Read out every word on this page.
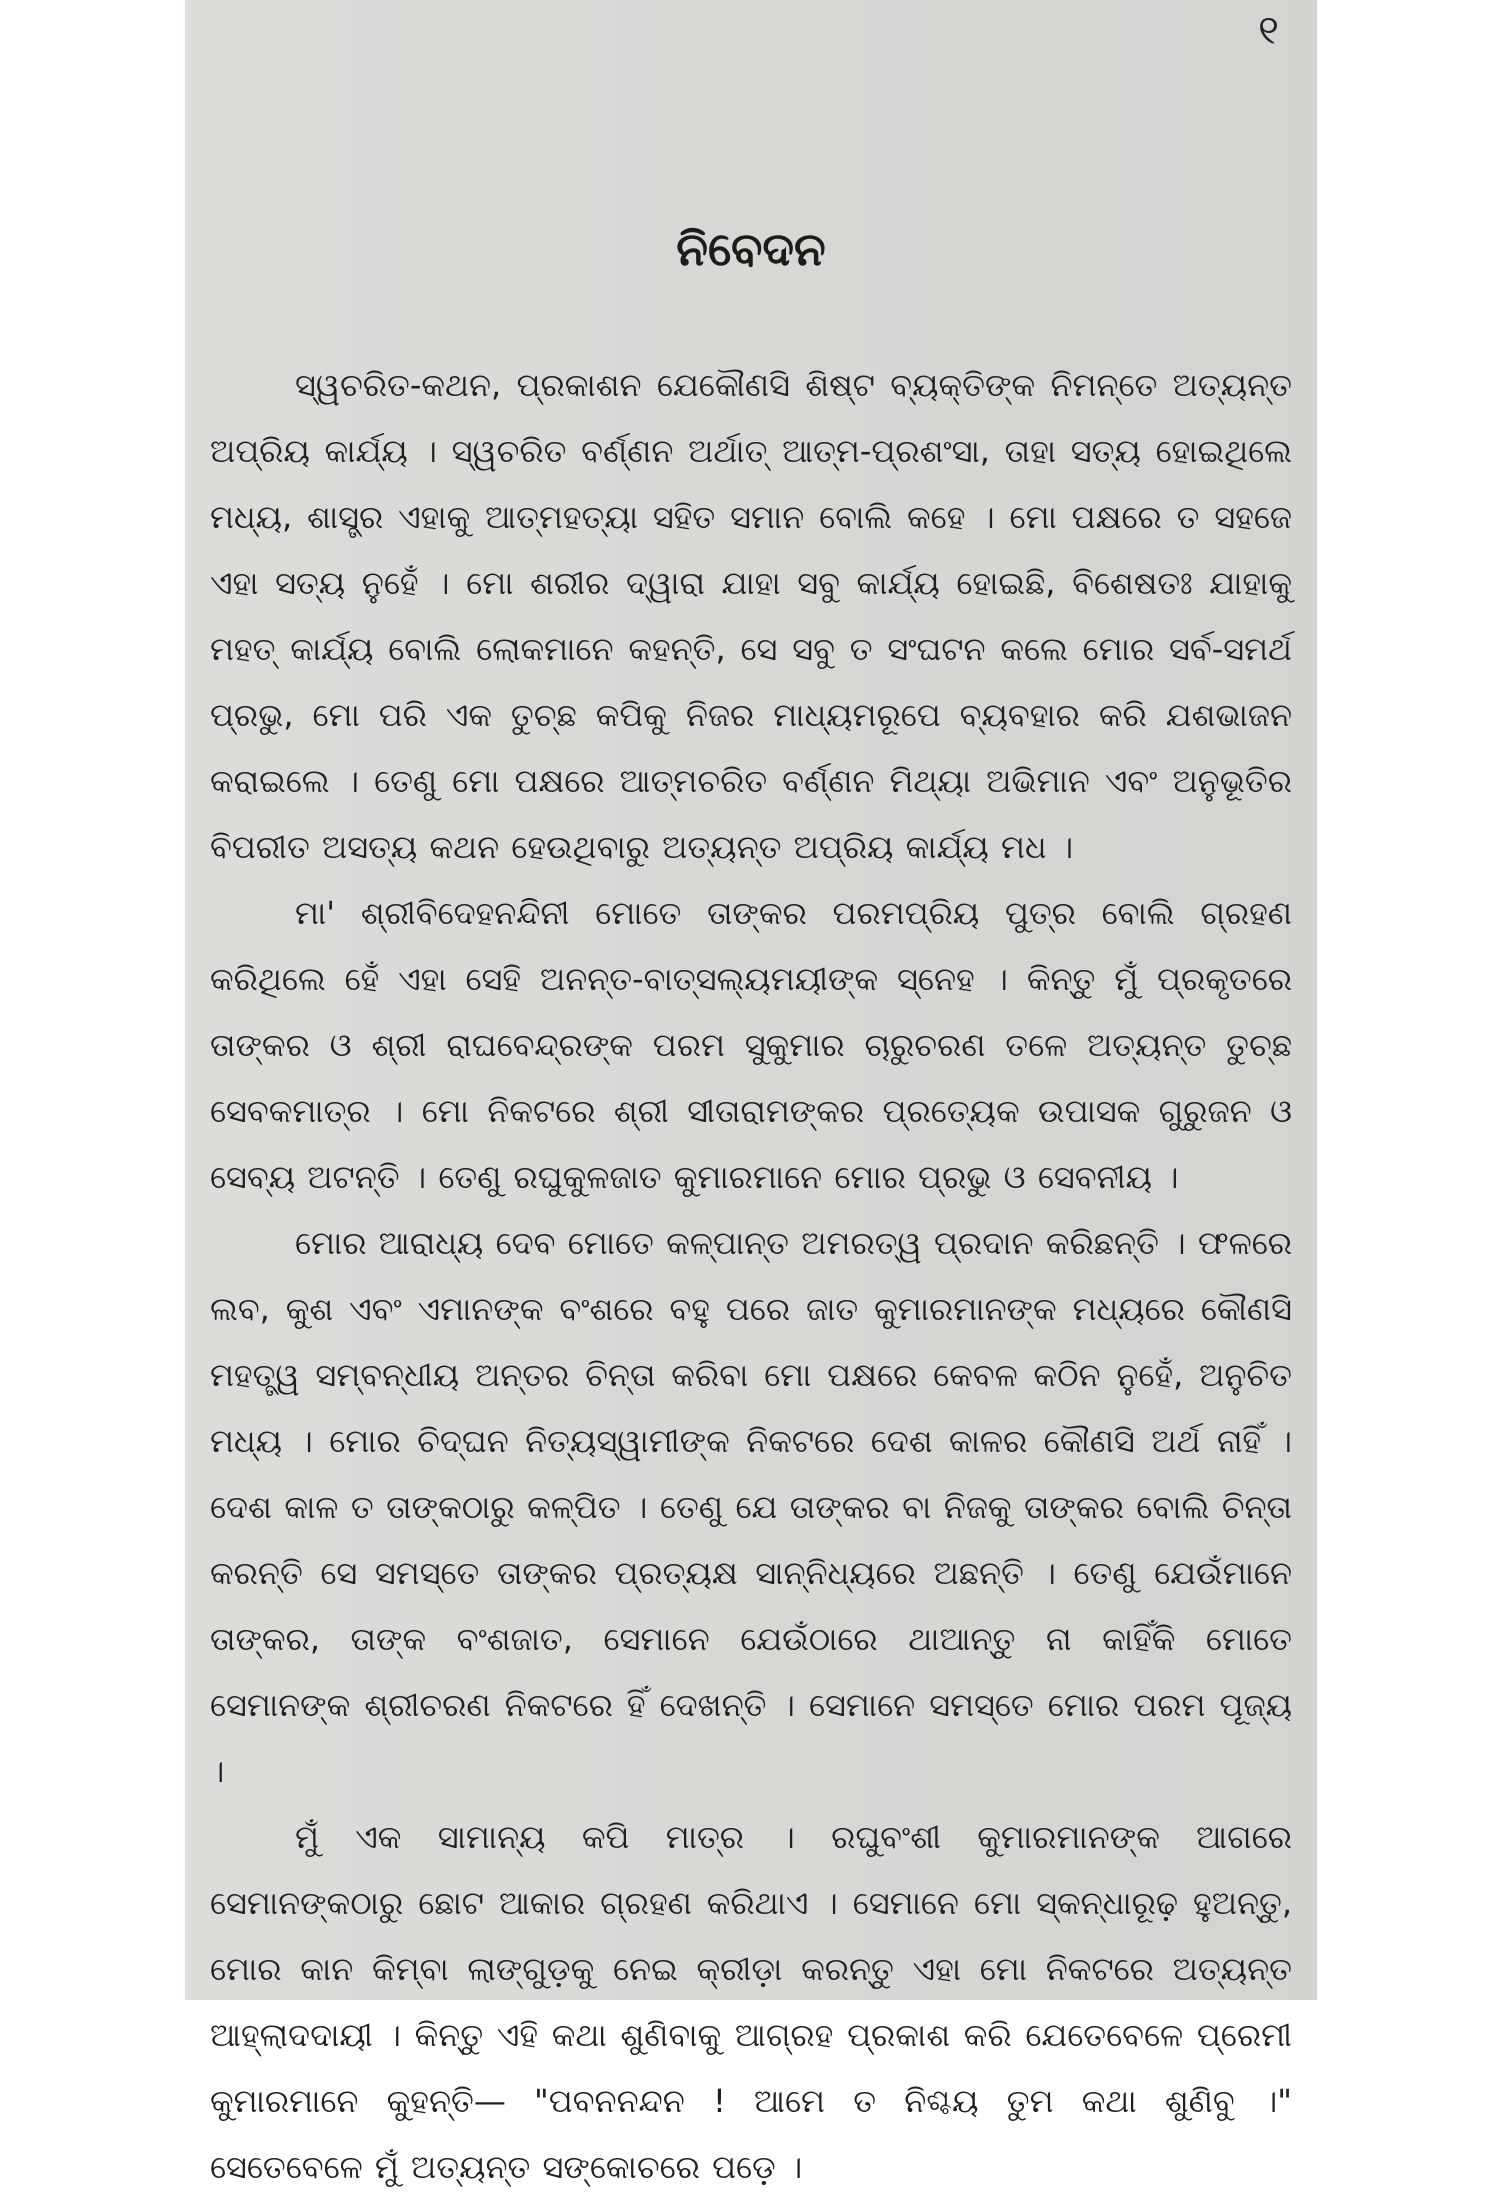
୧
ନିବେଦନ

ସ୍ୱଚରିତ-କଥନ, ପ୍ରକାଶନ ଯେକୌଣସି ଶିଷ୍ଟ ବ୍ୟକ୍ତିଙ୍କ ନିମନ୍ତେ ଅତ୍ୟନ୍ତ ଅପ୍ରିୟ କାର୍ଯ୍ୟ । ସ୍ୱଚରିତ ବର୍ଣ୍ଣନ ଅର୍ଥାତ୍ ଆତ୍ମ-ପ୍ରଶଂସା, ତାହା ସତ୍ୟ ହୋଇଥିଲେ ମଧ୍ୟ, ଶାସ୍ତ୍ର ଏହାକୁ ଆତ୍ମହତ୍ୟା ସହିତ ସମାନ ବୋଲି କହେ । ମୋ ପକ୍ଷରେ ତ ସହଜେ ଏହା ସତ୍ୟ ନୁହେଁ । ମୋ ଶରୀର ଦ୍ୱାରା ଯାହା ସବୁ କାର୍ଯ୍ୟ ହୋଇଛି, ବିଶେଷତଃ ଯାହାକୁ ମହତ୍ କାର୍ଯ୍ୟ ବୋଲି ଲୋକମାନେ କହନ୍ତି, ସେ ସବୁ ତ ସଂଘଟନ କଲେ ମୋର ସର୍ବ-ସମର୍ଥ ପ୍ରଭୁ, ମୋ ପରି ଏକ ତୁଚ୍ଛ କପିକୁ ନିଜର ମାଧ୍ୟମରୂପେ ବ୍ୟବହାର କରି ଯଶଭାଜନ କରାଇଲେ । ତେଣୁ ମୋ ପକ୍ଷରେ ଆତ୍ମଚରିତ ବର୍ଣ୍ଣନ ମିଥ୍ୟା ଅଭିମାନ ଏବଂ ଅନୁଭୂତିର ବିପରୀତ ଅସତ୍ୟ କଥନ ହେଉଥିବାରୁ ଅତ୍ୟନ୍ତ ଅପ୍ରିୟ କାର୍ଯ୍ୟ ମଧ ।

ମା' ଶ୍ରୀବିଦେହନନ୍ଦିନୀ ମୋତେ ତାଙ୍କର ପରମପ୍ରିୟ ପୁତ୍ର ବୋଲି ଗ୍ରହଣ କରିଥିଲେ ହେଁ ଏହା ସେହି ଅନନ୍ତ-ବାତ୍ସଲ୍ୟମୟୀଙ୍କ ସ୍ନେହ । କିନ୍ତୁ ମୁଁ ପ୍ରକୃତରେ ତାଙ୍କର ଓ ଶ୍ରୀ ରାଘବେନ୍ଦ୍ରଙ୍କ ପରମ ସୁକୁମାର ଚାରୁଚରଣ ତଳେ ଅତ୍ୟନ୍ତ ତୁଚ୍ଛ ସେବକମାତ୍ର । ମୋ ନିକଟରେ ଶ୍ରୀ ସୀତାରାମଙ୍କର ପ୍ରତ୍ୟେକ ଉପାସକ ଗୁରୁଜନ ଓ ସେବ୍ୟ ଅଟନ୍ତି । ତେଣୁ ରଘୁକୁଳଜାତ କୁମାରମାନେ ମୋର ପ୍ରଭୁ ଓ ସେବନୀୟ ।

ମୋର ଆରାଧ୍ୟ ଦେବ ମୋତେ କଳ୍ପାନ୍ତ ଅମରତ୍ୱ ପ୍ରଦାନ କରିଛନ୍ତି । ଫଳରେ ଲବ, କୁଶ ଏବଂ ଏମାନଙ୍କ ବଂଶରେ ବହୁ ପରେ ଜାତ କୁମାରମାନଙ୍କ ମଧ୍ୟରେ କୌଣସି ମହତ୍ତ୍ୱ ସମ୍ବନ୍ଧୀୟ ଅନ୍ତର ଚିନ୍ତା କରିବା ମୋ ପକ୍ଷରେ କେବଳ କଠିନ ନୁହେଁ, ଅନୁଚିତ ମଧ୍ୟ । ମୋର ଚିଦ୍‌ଘନ ନିତ୍ୟସ୍ୱାମୀଙ୍କ ନିକଟରେ ଦେଶ କାଳର କୌଣସି ଅର୍ଥ ନାହିଁ । ଦେଶ କାଳ ତ ତାଙ୍କଠାରୁ କଳ୍ପିତ । ତେଣୁ ଯେ ତାଙ୍କର ବା ନିଜକୁ ତାଙ୍କର ବୋଲି ଚିନ୍ତା କରନ୍ତି ସେ ସମସ୍ତେ ତାଙ୍କର ପ୍ରତ୍ୟକ୍ଷ ସାନ୍ନିଧ୍ୟରେ ଅଛନ୍ତି । ତେଣୁ ଯେଉଁମାନେ ତାଙ୍କର, ତାଙ୍କ ବଂଶଜାତ, ସେମାନେ ଯେଉଁଠାରେ ଥାଆନ୍ତୁ ନା କାହିଁକି ମୋତେ ସେମାନଙ୍କ ଶ୍ରୀଚରଣ ନିକଟରେ ହିଁ ଦେଖନ୍ତି । ସେମାନେ ସମସ୍ତେ ମୋର ପରମ ପୂଜ୍ୟ ।

ମୁଁ ଏକ ସାମାନ୍ୟ କପି ମାତ୍ର । ରଘୁବଂଶୀ କୁମାରମାନଙ୍କ ଆଗରେ ସେମାନଙ୍କଠାରୁ ଛୋଟ ଆକାର ଗ୍ରହଣ କରିଥାଏ । ସେମାନେ ମୋ ସ୍କନ୍ଧାରୂଢ଼ ହୁଅନ୍ତୁ, ମୋର କାନ କିମ୍ବା ଲାଙ୍ଗୁଡ଼କୁ ନେଇ କ୍ରୀଡ଼ା କରନ୍ତୁ ଏହା ମୋ ନିକଟରେ ଅତ୍ୟନ୍ତ ଆହ୍ଲାଦଦାୟୀ । କିନ୍ତୁ ଏହି କଥା ଶୁଣିବାକୁ ଆଗ୍ରହ ପ୍ରକାଶ କରି ଯେତେବେଳେ ପ୍ରେମୀ କୁମାରମାନେ କୁହନ୍ତି— "ପବନନନ୍ଦନ ! ଆମେ ତ ନିଶ୍ଚୟ ତୁମ କଥା ଶୁଣିବୁ ।" ସେତେବେଳେ ମୁଁ ଅତ୍ୟନ୍ତ ସଙ୍କୋଚରେ ପଡ଼େ ।
